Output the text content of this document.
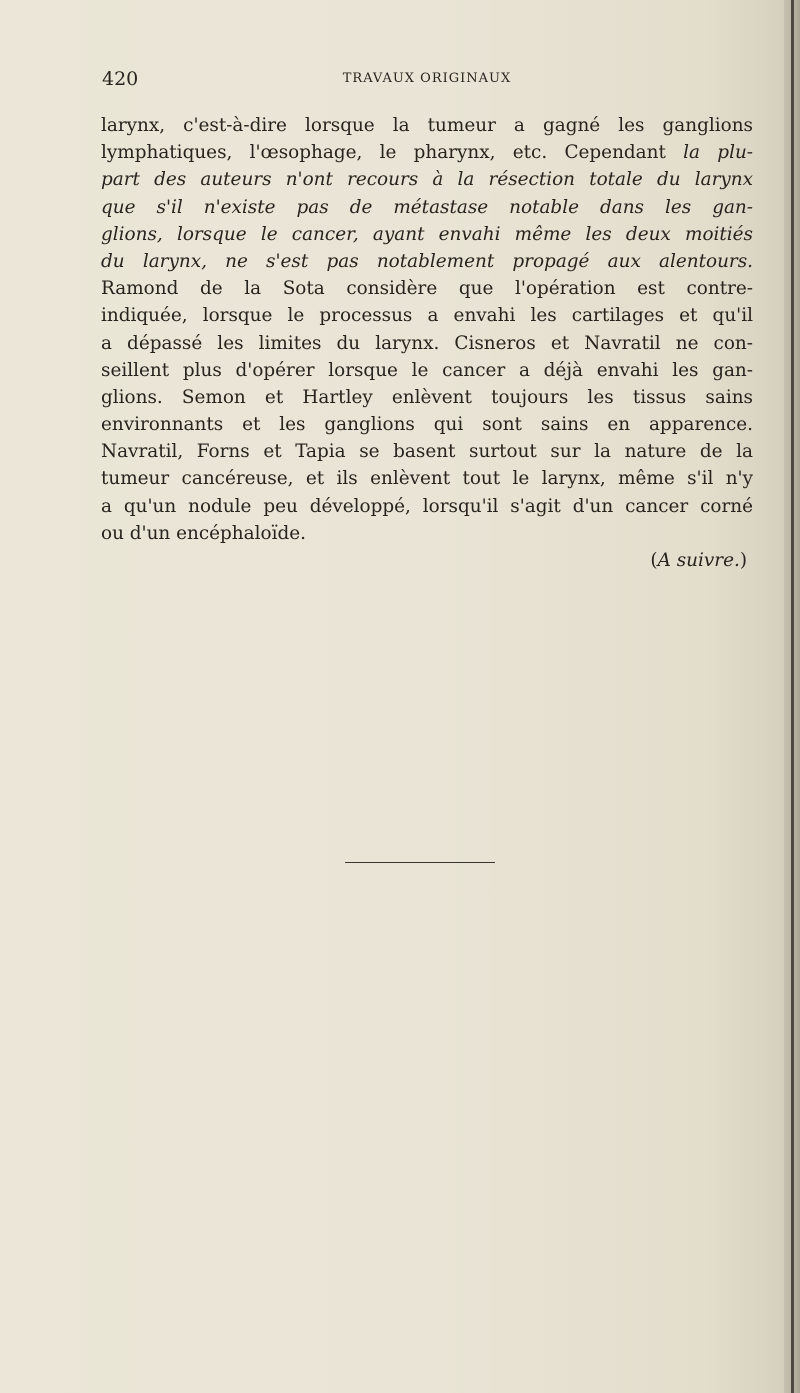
420	TRAVAUX ORIGINAUX
larynx, c'est-à-dire lorsque la tumeur a gagné les ganglions
lymphatiques, l'œsophage, le pharynx, etc. Cependant la plu-
part des auteurs n'ont recours à la résection totale du larynx
que s'il n'existe pas de métastase notable dans les gan-
glions, lorsque le cancer, ayant envahi même les deux moitiés
du larynx, ne s'est pas notablement propagé aux alentours.
Ramond de la Sota considère que l'opération est contre-
indiquée, lorsque le processus a envahi les cartilages et qu'il
a dépassé les limites du larynx. Cisneros et Navratil ne con-
seillent plus d'opérer lorsque le cancer a déjà envahi les gan-
glions. Semon et Hartley enlèvent toujours les tissus sains
environnants et les ganglions qui sont sains en apparence.
Navratil, Forns et Tapia se basent surtout sur la nature de la
tumeur cancéreuse, et ils enlèvent tout le larynx, même s'il n'y
a qu'un nodule peu développé, lorsqu'il s'agit d'un cancer corné
ou d'un encéphaloïde.
(A suivre.)
